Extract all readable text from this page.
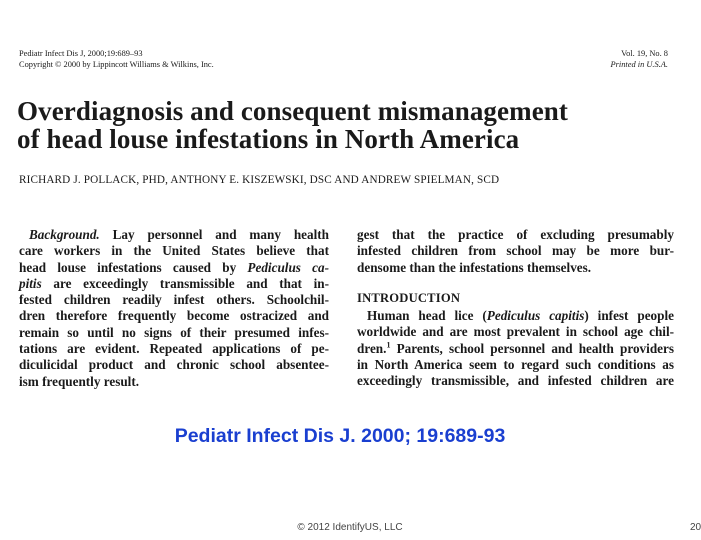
Pediatr Infect Dis J, 2000;19:689–93
Copyright © 2000 by Lippincott Williams & Wilkins, Inc.
Vol. 19, No. 8
Printed in U.S.A.
Overdiagnosis and consequent mismanagement
of head louse infestations in North America
RICHARD J. POLLACK, PHD, ANTHONY E. KISZEWSKI, DSC AND ANDREW SPIELMAN, SCD
Background. Lay personnel and many health
care workers in the United States believe that
head louse infestations caused by Pediculus ca-
pitis are exceedingly transmissible and that in-
fested children readily infest others. Schoolchil-
dren therefore frequently become ostracized and
remain so until no signs of their presumed infes-
tations are evident. Repeated applications of pe-
diculicidal product and chronic school absentee-
ism frequently result.
gest that the practice of excluding presumably
infested children from school may be more bur-
densome than the infestations themselves.
INTRODUCTION
Human head lice (Pediculus capitis) infest people
worldwide and are most prevalent in school age chil-
dren.$^1$ Parents, school personnel and health providers
in North America seem to regard such conditions as
exceedingly transmissible, and infested children are
Pediatr Infect Dis J. 2000; 19:689-93
© 2012 IdentifyUS, LLC	20
